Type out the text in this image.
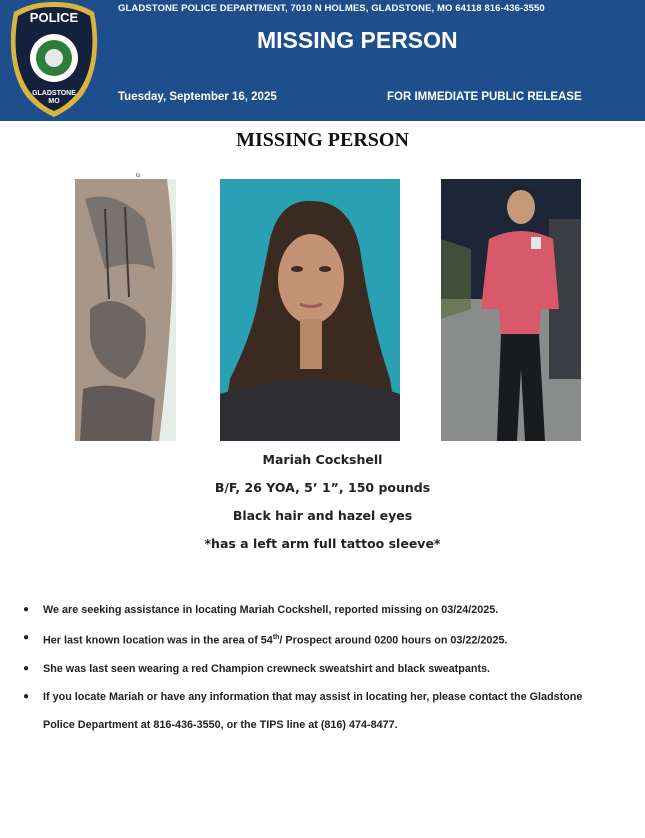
POLICE
GLADSTONE
MO
GLADSTONE POLICE DEPARTMENT, 7010 N HOLMES, GLADSTONE, MO 64118 816-436-3550
MISSING PERSON
Tuesday, September 16, 2025	FOR IMMEDIATE PUBLIC RELEASE
MISSING PERSON
u
Mariah Cockshell
B/F, 26 YOA, 5’ 1”, 150 pounds
Black hair and hazel eyes
*has a left arm full tattoo sleeve*
● We are seeking assistance in locating Mariah Cockshell, reported missing on 03/24/2025.
● Her last known location was in the area of 54th/ Prospect around 0200 hours on 03/22/2025.
● She was last seen wearing a red Champion crewneck sweatshirt and black sweatpants.
● If you locate Mariah or have any information that may assist in locating her, please contact the Gladstone
Police Department at 816-436-3550, or the TIPS line at (816) 474-8477.
